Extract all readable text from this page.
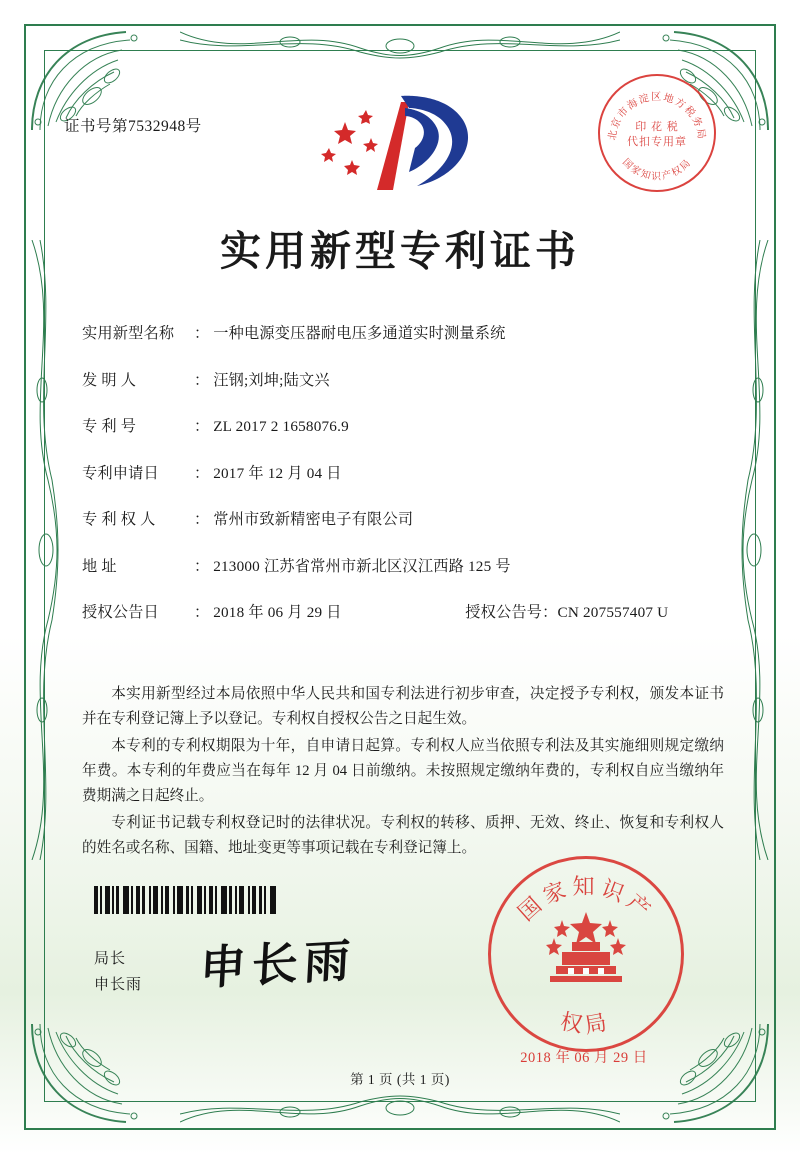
证书号第7532948号	北京市海淀区地方税务局
国家知识产权局
印 花 税
代扣专用章
实用新型专利证书
实用新型名称	： 一种电源变压器耐电压多通道实时测量系统
发 明 人	： 汪钢;刘坤;陆文兴
专 利 号	： ZL 2017 2 1658076.9
专利申请日	： 2017 年 12 月 04 日
专 利 权 人	： 常州市致新精密电子有限公司
地 址	： 213000 江苏省常州市新北区汉江西路 125 号
授权公告日	： 2018 年 06 月 29 日	授权公告号： CN 207557407 U

本实用新型经过本局依照中华人民共和国专利法进行初步审查，决定授予专利权，颁发本证书并在专利登记簿上予以登记。专利权自授权公告之日起生效。

本专利的专利权期限为十年，自申请日起算。专利权人应当依照专利法及其实施细则规定缴纳年费。本专利的年费应当在每年 12 月 04 日前缴纳。未按照规定缴纳年费的，专利权自应当缴纳年费期满之日起终止。

专利证书记载专利权登记时的法律状况。专利权的转移、质押、无效、终止、恢复和专利权人的姓名或名称、国籍、地址变更等事项记载在专利登记簿上。

局长
申长雨 申长雨
国家知识产
权局
2018 年 06 月 29 日
第 1 页 (共 1 页)
